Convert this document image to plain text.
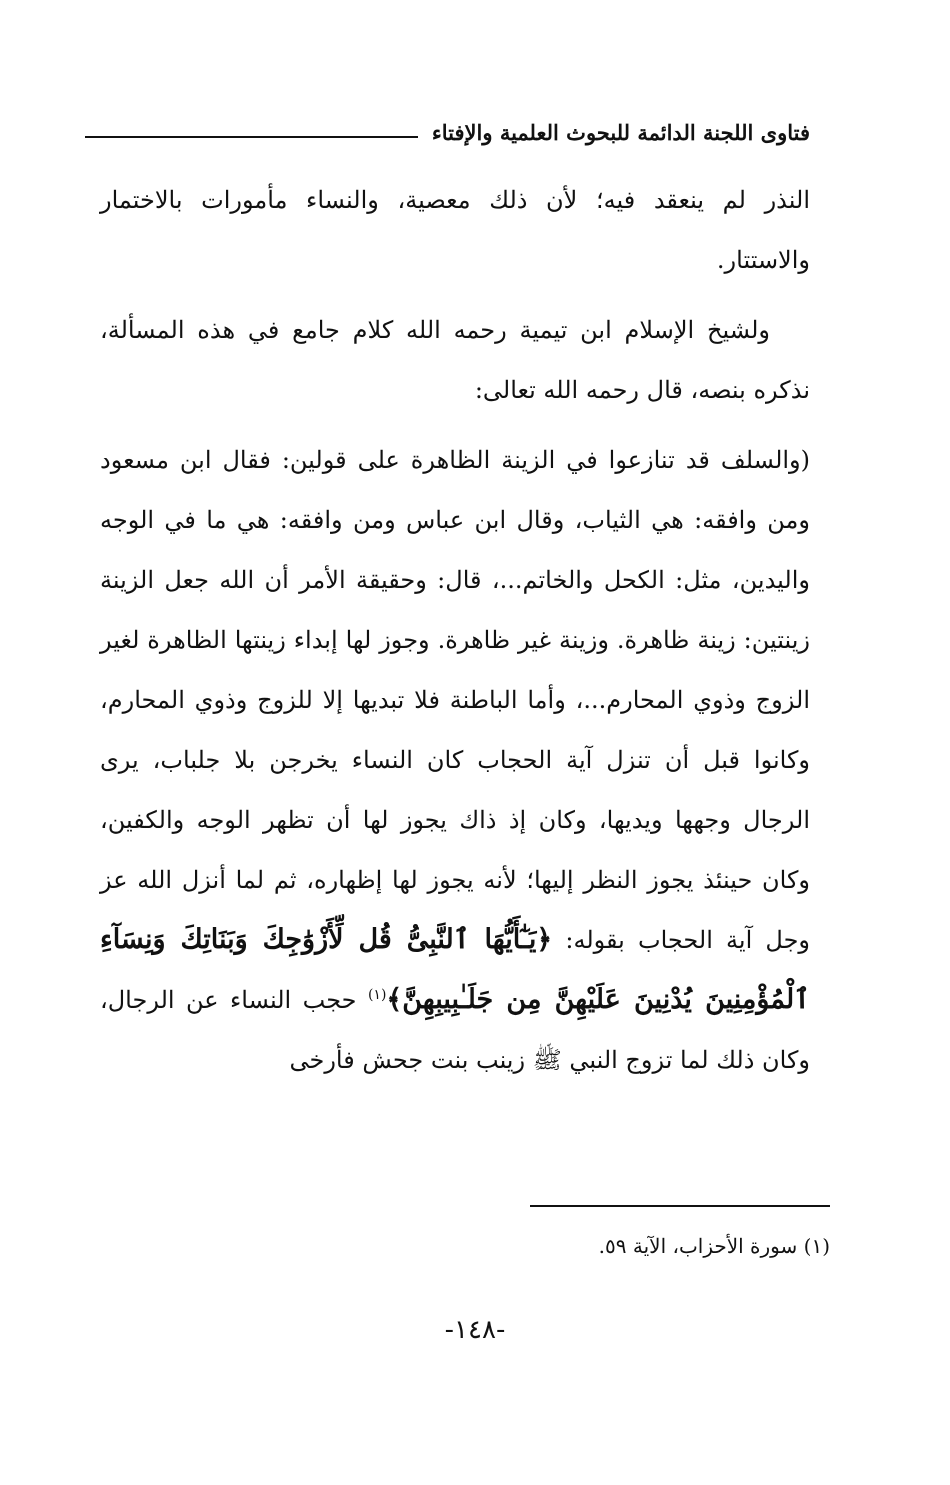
فتاوى اللجنة الدائمة للبحوث العلمية والإفتاء

النذر لم ينعقد فيه؛ لأن ذلك معصية، والنساء مأمورات بالاختمار والاستتار.

ولشيخ الإسلام ابن تيمية رحمه الله كلام جامع في هذه المسألة، نذكره بنصه، قال رحمه الله تعالى:

(والسلف قد تنازعوا في الزينة الظاهرة على قولين: فقال ابن مسعود ومن وافقه: هي الثياب، وقال ابن عباس ومن وافقه: هي ما في الوجه واليدين، مثل: الكحل والخاتم...، قال: وحقيقة الأمر أن الله جعل الزينة زينتين: زينة ظاهرة. وزينة غير ظاهرة. وجوز لها إبداء زينتها الظاهرة لغير الزوج وذوي المحارم...، وأما الباطنة فلا تبديها إلا للزوج وذوي المحارم، وكانوا قبل أن تنزل آية الحجاب كان النساء يخرجن بلا جلباب، يرى الرجال وجهها ويديها، وكان إذ ذاك يجوز لها أن تظهر الوجه والكفين، وكان حينئذ يجوز النظر إليها؛ لأنه يجوز لها إظهاره، ثم لما أنزل الله عز وجل آية الحجاب بقوله: ﴿يَـٰٓأَيُّهَا ٱلنَّبِىُّ قُل لِّأَزْوَٰجِكَ وَبَنَاتِكَ وَنِسَآءِ ٱلْمُؤْمِنِينَ يُدْنِينَ عَلَيْهِنَّ مِن جَلَـٰبِيبِهِنَّ﴾$^{(١)}$ حجب النساء عن الرجال، وكان ذلك لما تزوج النبي ﷺ زينب بنت جحش فأرخى

(١) سورة الأحزاب، الآية ٥٩.
-١٤٨-
